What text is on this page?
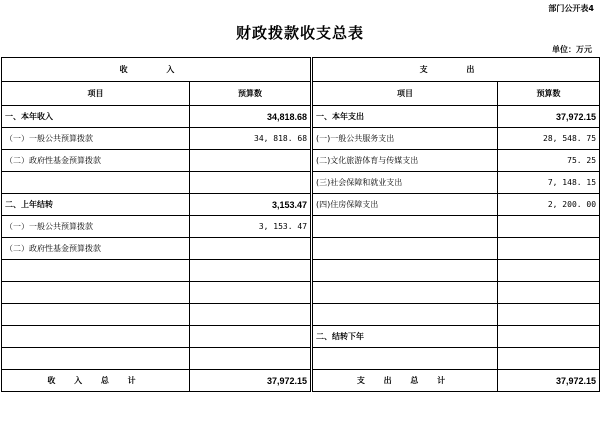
部门公开表4
财政拨款收支总表
单位：万元
收 入		支 出	
项目	预算数	项目	预算数
一、本年收入	34,818.68	一、本年支出	37,972.15
（一）一般公共预算拨款	34, 818. 68	(一)一般公共服务支出	28, 548. 75
（二）政府性基金预算拨款		(二)文化旅游体育与传媒支出	75. 25
		(三)社会保障和就业支出	7, 148. 15
二、上年结转	3,153.47	(四)住房保障支出	2, 200. 00
（一）一般公共预算拨款	3, 153. 47		
（二）政府性基金预算拨款			

		二、结转下年	

收 入 总 计	37,972.15	支 出 总 计	37,972.15
